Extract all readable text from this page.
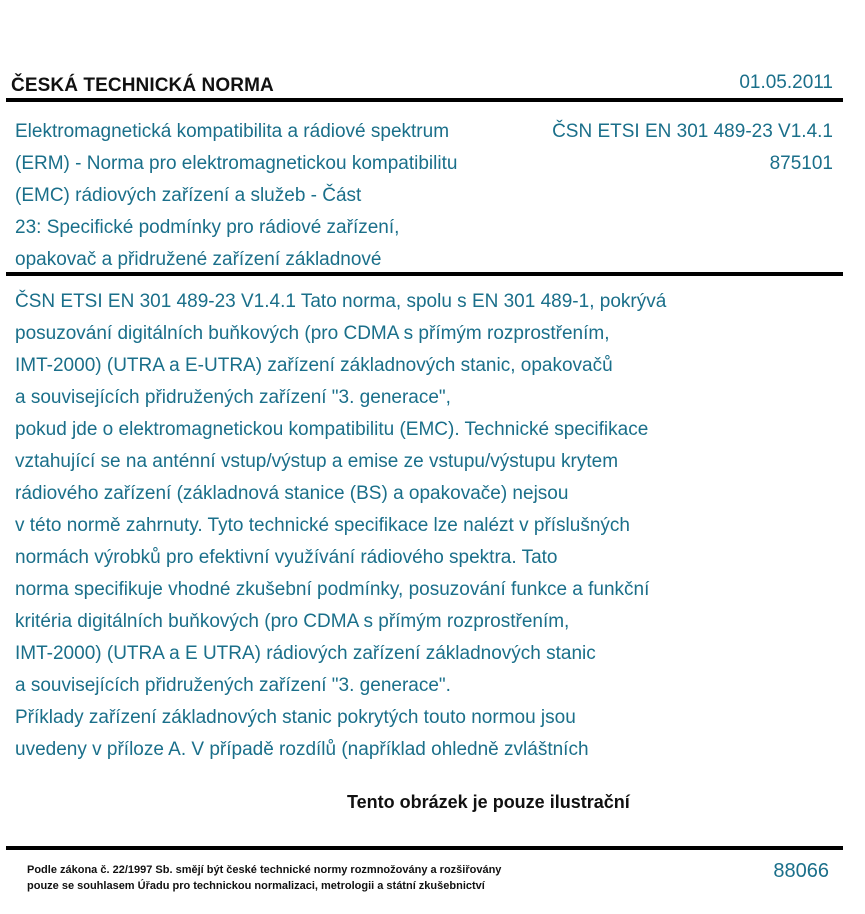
ČESKÁ TECHNICKÁ NORMA	01.05.2011
Elektromagnetická kompatibilita a rádiové spektrum
(ERM) - Norma pro elektromagnetickou kompatibilitu
(EMC) rádiových zařízení a služeb - Část
23: Specifické podmínky pro rádiové zařízení,
opakovač a přidružené zařízení základnové
ČSN ETSI EN 301 489-23 V1.4.1
875101
ČSN ETSI EN 301 489-23 V1.4.1 Tato norma, spolu s EN 301 489-1, pokrývá
posuzování digitálních buňkových (pro CDMA s přímým rozprostřením,
IMT-2000) (UTRA a E-UTRA) zařízení základnových stanic, opakovačů
a souvisejících přidružených zařízení "3. generace",
pokud jde o elektromagnetickou kompatibilitu (EMC). Technické specifikace
vztahující se na anténní vstup/výstup a emise ze vstupu/výstupu krytem
rádiového zařízení (základnová stanice (BS) a opakovače) nejsou
v této normě zahrnuty. Tyto technické specifikace lze nalézt v příslušných
normách výrobků pro efektivní využívání rádiového spektra. Tato
norma specifikuje vhodné zkušební podmínky, posuzování funkce a funkční
kritéria digitálních buňkových (pro CDMA s přímým rozprostřením,
IMT-2000) (UTRA a E UTRA) rádiových zařízení základnových stanic
a souvisejících přidružených zařízení "3. generace".
Příklady zařízení základnových stanic pokrytých touto normou jsou
uvedeny v příloze A. V případě rozdílů (například ohledně zvláštních
Tento obrázek je pouze ilustrační
Podle zákona č. 22/1997 Sb. smějí být české technické normy rozmnožovány a rozšiřovány
pouze se souhlasem Úřadu pro technickou normalizaci, metrologii a státní zkušebnictví
88066
